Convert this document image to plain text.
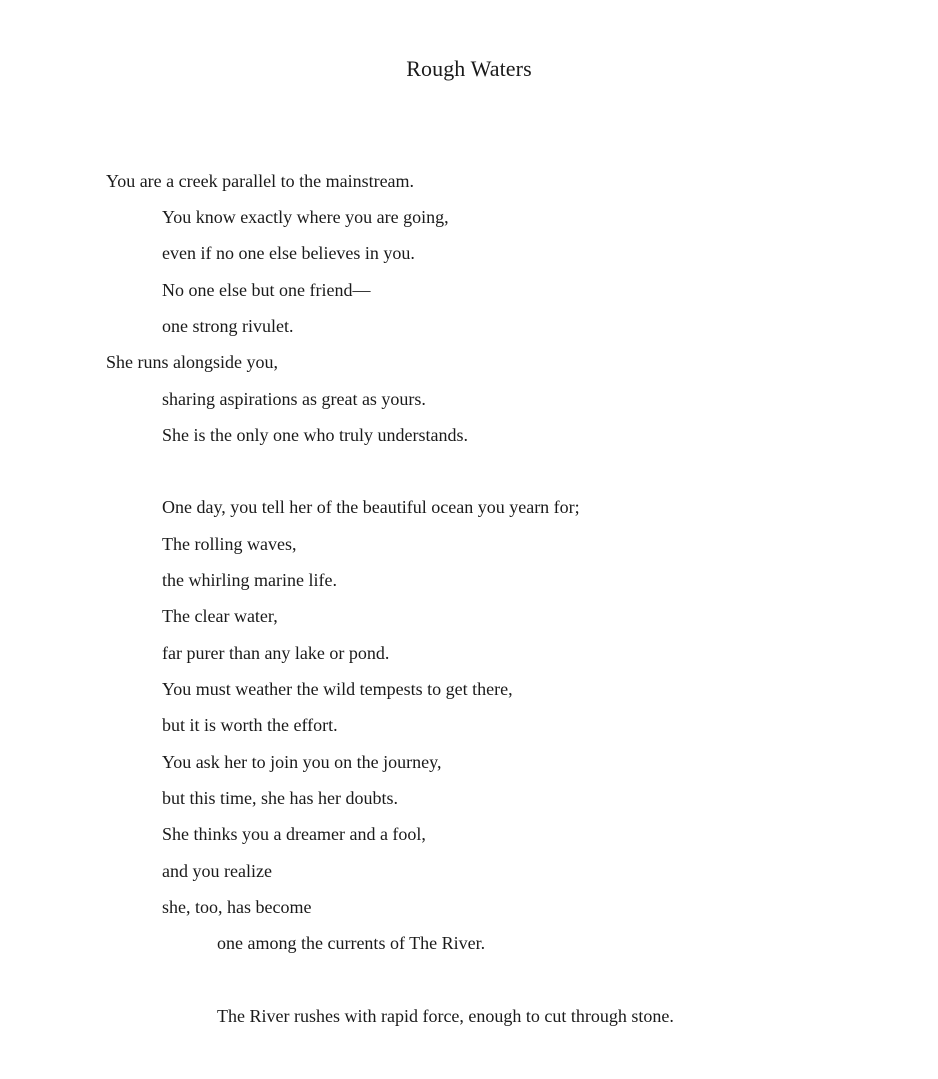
Rough Waters
You are a creek parallel to the mainstream.
You know exactly where you are going,
even if no one else believes in you.
No one else but one friend—
one strong rivulet.
She runs alongside you,
sharing aspirations as great as yours.
She is the only one who truly understands.
One day, you tell her of the beautiful ocean you yearn for;
The rolling waves,
the whirling marine life.
The clear water,
far purer than any lake or pond.
You must weather the wild tempests to get there,
but it is worth the effort.
You ask her to join you on the journey,
but this time, she has her doubts.
She thinks you a dreamer and a fool,
and you realize
she, too, has become
one among the currents of The River.
The River rushes with rapid force, enough to cut through stone.
